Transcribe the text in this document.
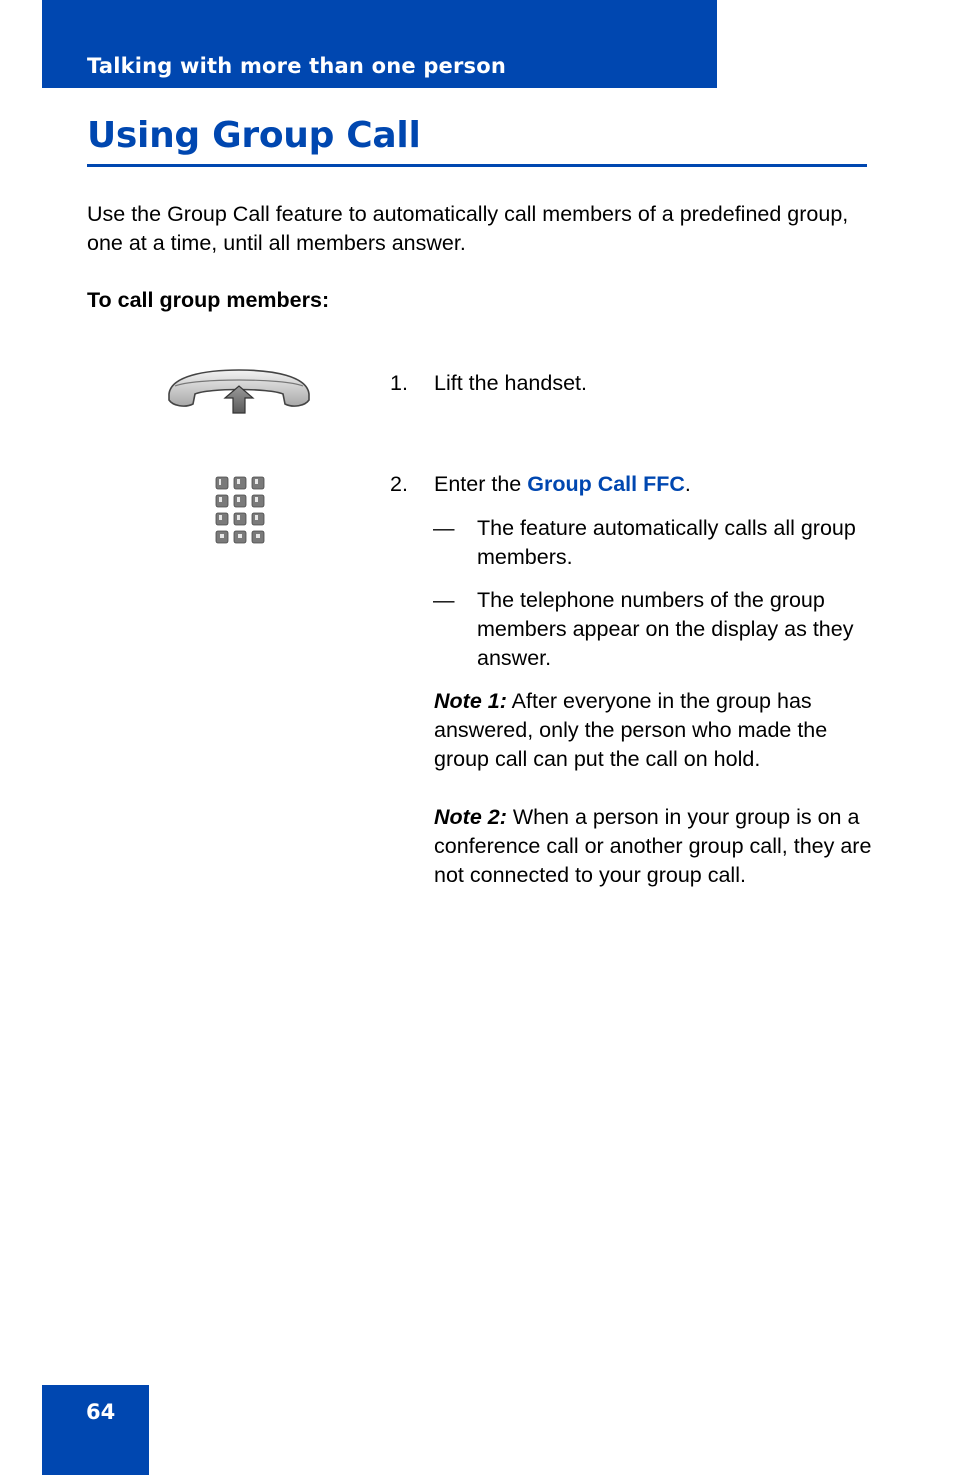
Talking with more than one person
Using Group Call

Use the Group Call feature to automatically call members of a predefined group, one at a time, until all members answer.

To call group members:

1. Lift the handset.
2. Enter the Group Call FFC.
— The feature automatically calls all group members.
— The telephone numbers of the group members appear on the display as they answer.

Note 1: After everyone in the group has answered, only the person who made the group call can put the call on hold.

Note 2: When a person in your group is on a conference call or another group call, they are not connected to your group call.

64
